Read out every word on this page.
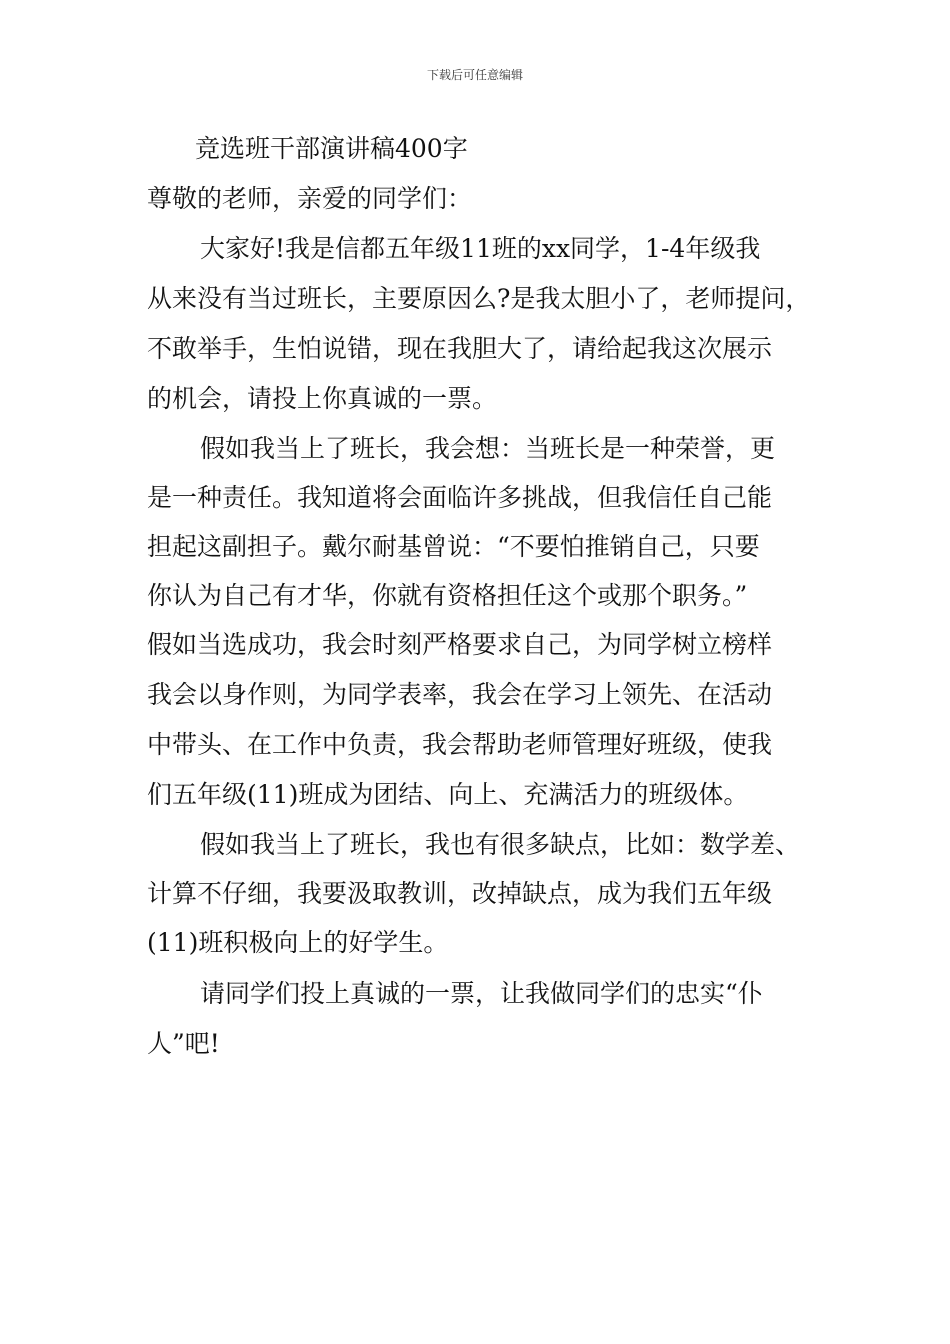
下载后可任意编辑
竞选班干部演讲稿400字
尊敬的老师，亲爱的同学们：
大家好!我是信都五年级11班的xx同学，1-4年级我
从来没有当过班长，主要原因么?是我太胆小了，老师提问，
不敢举手，生怕说错，现在我胆大了，请给起我这次展示
的机会，请投上你真诚的一票。
假如我当上了班长，我会想：当班长是一种荣誉，更
是一种责任。我知道将会面临许多挑战，但我信任自己能
担起这副担子。戴尔耐基曾说：“不要怕推销自己，只要
你认为自己有才华，你就有资格担任这个或那个职务。”
假如当选成功，我会时刻严格要求自己，为同学树立榜样
我会以身作则，为同学表率，我会在学习上领先、在活动
中带头、在工作中负责，我会帮助老师管理好班级，使我
们五年级(11)班成为团结、向上、充满活力的班级体。
假如我当上了班长，我也有很多缺点，比如：数学差、
计算不仔细，我要汲取教训，改掉缺点，成为我们五年级
(11)班积极向上的好学生。
请同学们投上真诚的一票，让我做同学们的忠实“仆
人”吧!
